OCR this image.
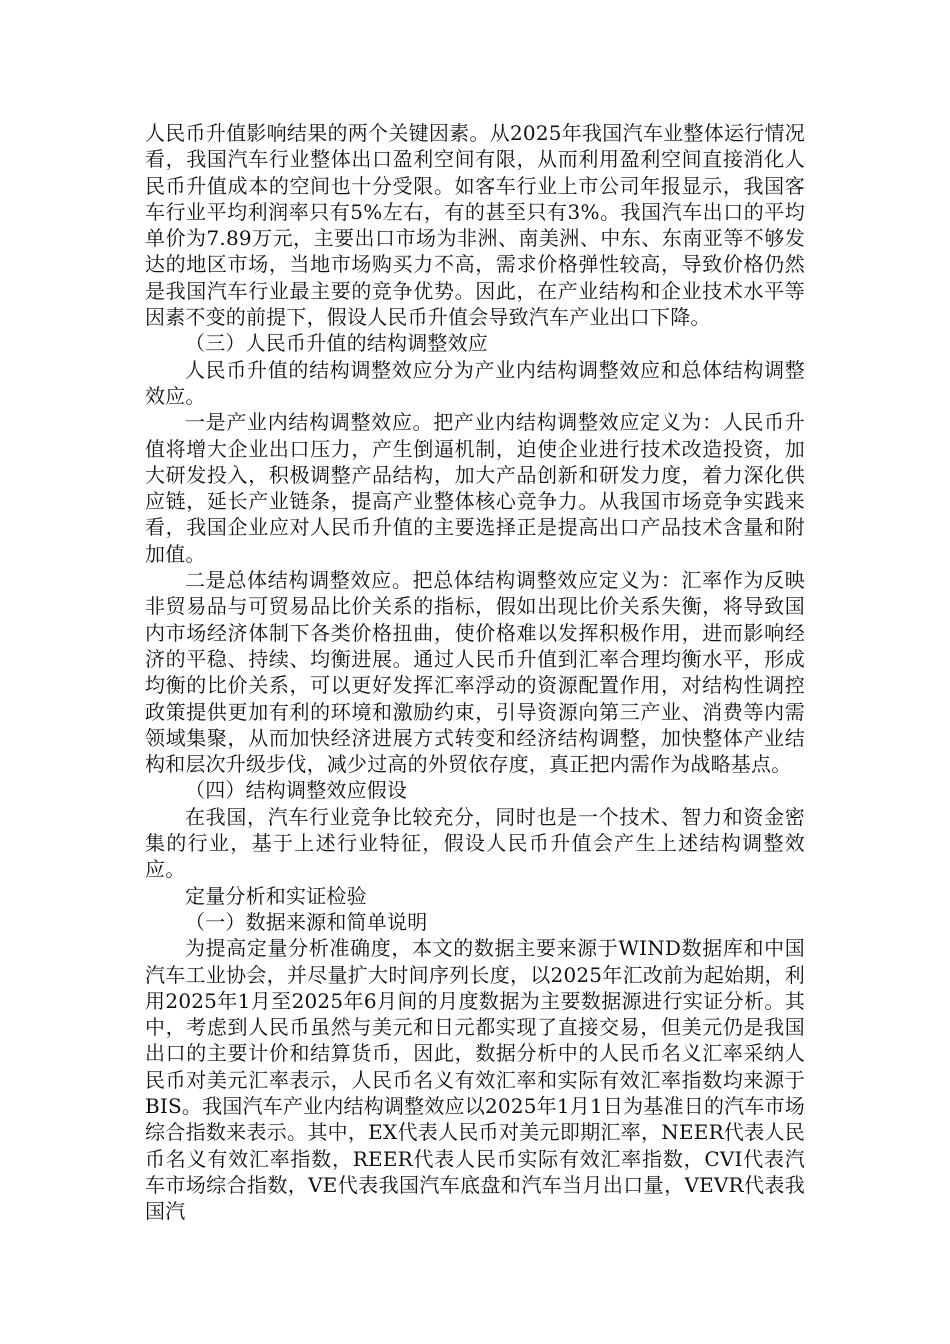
人民币升值影响结果的两个关键因素。从2025年我国汽车业整体运行情况看，我国汽车行业整体出口盈利空间有限，从而利用盈利空间直接消化人民币升值成本的空间也十分受限。如客车行业上市公司年报显示，我国客车行业平均利润率只有5%左右，有的甚至只有3%。我国汽车出口的平均单价为7.89万元，主要出口市场为非洲、南美洲、中东、东南亚等不够发达的地区市场，当地市场购买力不高，需求价格弹性较高，导致价格仍然是我国汽车行业最主要的竞争优势。因此，在产业结构和企业技术水平等因素不变的前提下，假设人民币升值会导致汽车产业出口下降。

（三）人民币升值的结构调整效应

人民币升值的结构调整效应分为产业内结构调整效应和总体结构调整效应。

一是产业内结构调整效应。把产业内结构调整效应定义为：人民币升值将增大企业出口压力，产生倒逼机制，迫使企业进行技术改造投资，加大研发投入，积极调整产品结构，加大产品创新和研发力度，着力深化供应链，延长产业链条，提高产业整体核心竞争力。从我国市场竞争实践来看，我国企业应对人民币升值的主要选择正是提高出口产品技术含量和附加值。

二是总体结构调整效应。把总体结构调整效应定义为：汇率作为反映非贸易品与可贸易品比价关系的指标，假如出现比价关系失衡，将导致国内市场经济体制下各类价格扭曲，使价格难以发挥积极作用，进而影响经济的平稳、持续、均衡进展。通过人民币升值到汇率合理均衡水平，形成均衡的比价关系，可以更好发挥汇率浮动的资源配置作用，对结构性调控政策提供更加有利的环境和激励约束，引导资源向第三产业、消费等内需领域集聚，从而加快经济进展方式转变和经济结构调整，加快整体产业结构和层次升级步伐，减少过高的外贸依存度，真正把内需作为战略基点。

（四）结构调整效应假设

在我国，汽车行业竞争比较充分，同时也是一个技术、智力和资金密集的行业，基于上述行业特征，假设人民币升值会产生上述结构调整效应。

定量分析和实证检验

（一）数据来源和简单说明

为提高定量分析准确度，本文的数据主要来源于WIND数据库和中国汽车工业协会，并尽量扩大时间序列长度，以2025年汇改前为起始期，利用2025年1月至2025年6月间的月度数据为主要数据源进行实证分析。其中，考虑到人民币虽然与美元和日元都实现了直接交易，但美元仍是我国出口的主要计价和结算货币，因此，数据分析中的人民币名义汇率采纳人民币对美元汇率表示，人民币名义有效汇率和实际有效汇率指数均来源于BIS。我国汽车产业内结构调整效应以2025年1月1日为基准日的汽车市场综合指数来表示。其中，EX代表人民币对美元即期汇率，NEER代表人民币名义有效汇率指数，REER代表人民币实际有效汇率指数，CVI代表汽车市场综合指数，VE代表我国汽车底盘和汽车当月出口量，VEVR代表我国汽
